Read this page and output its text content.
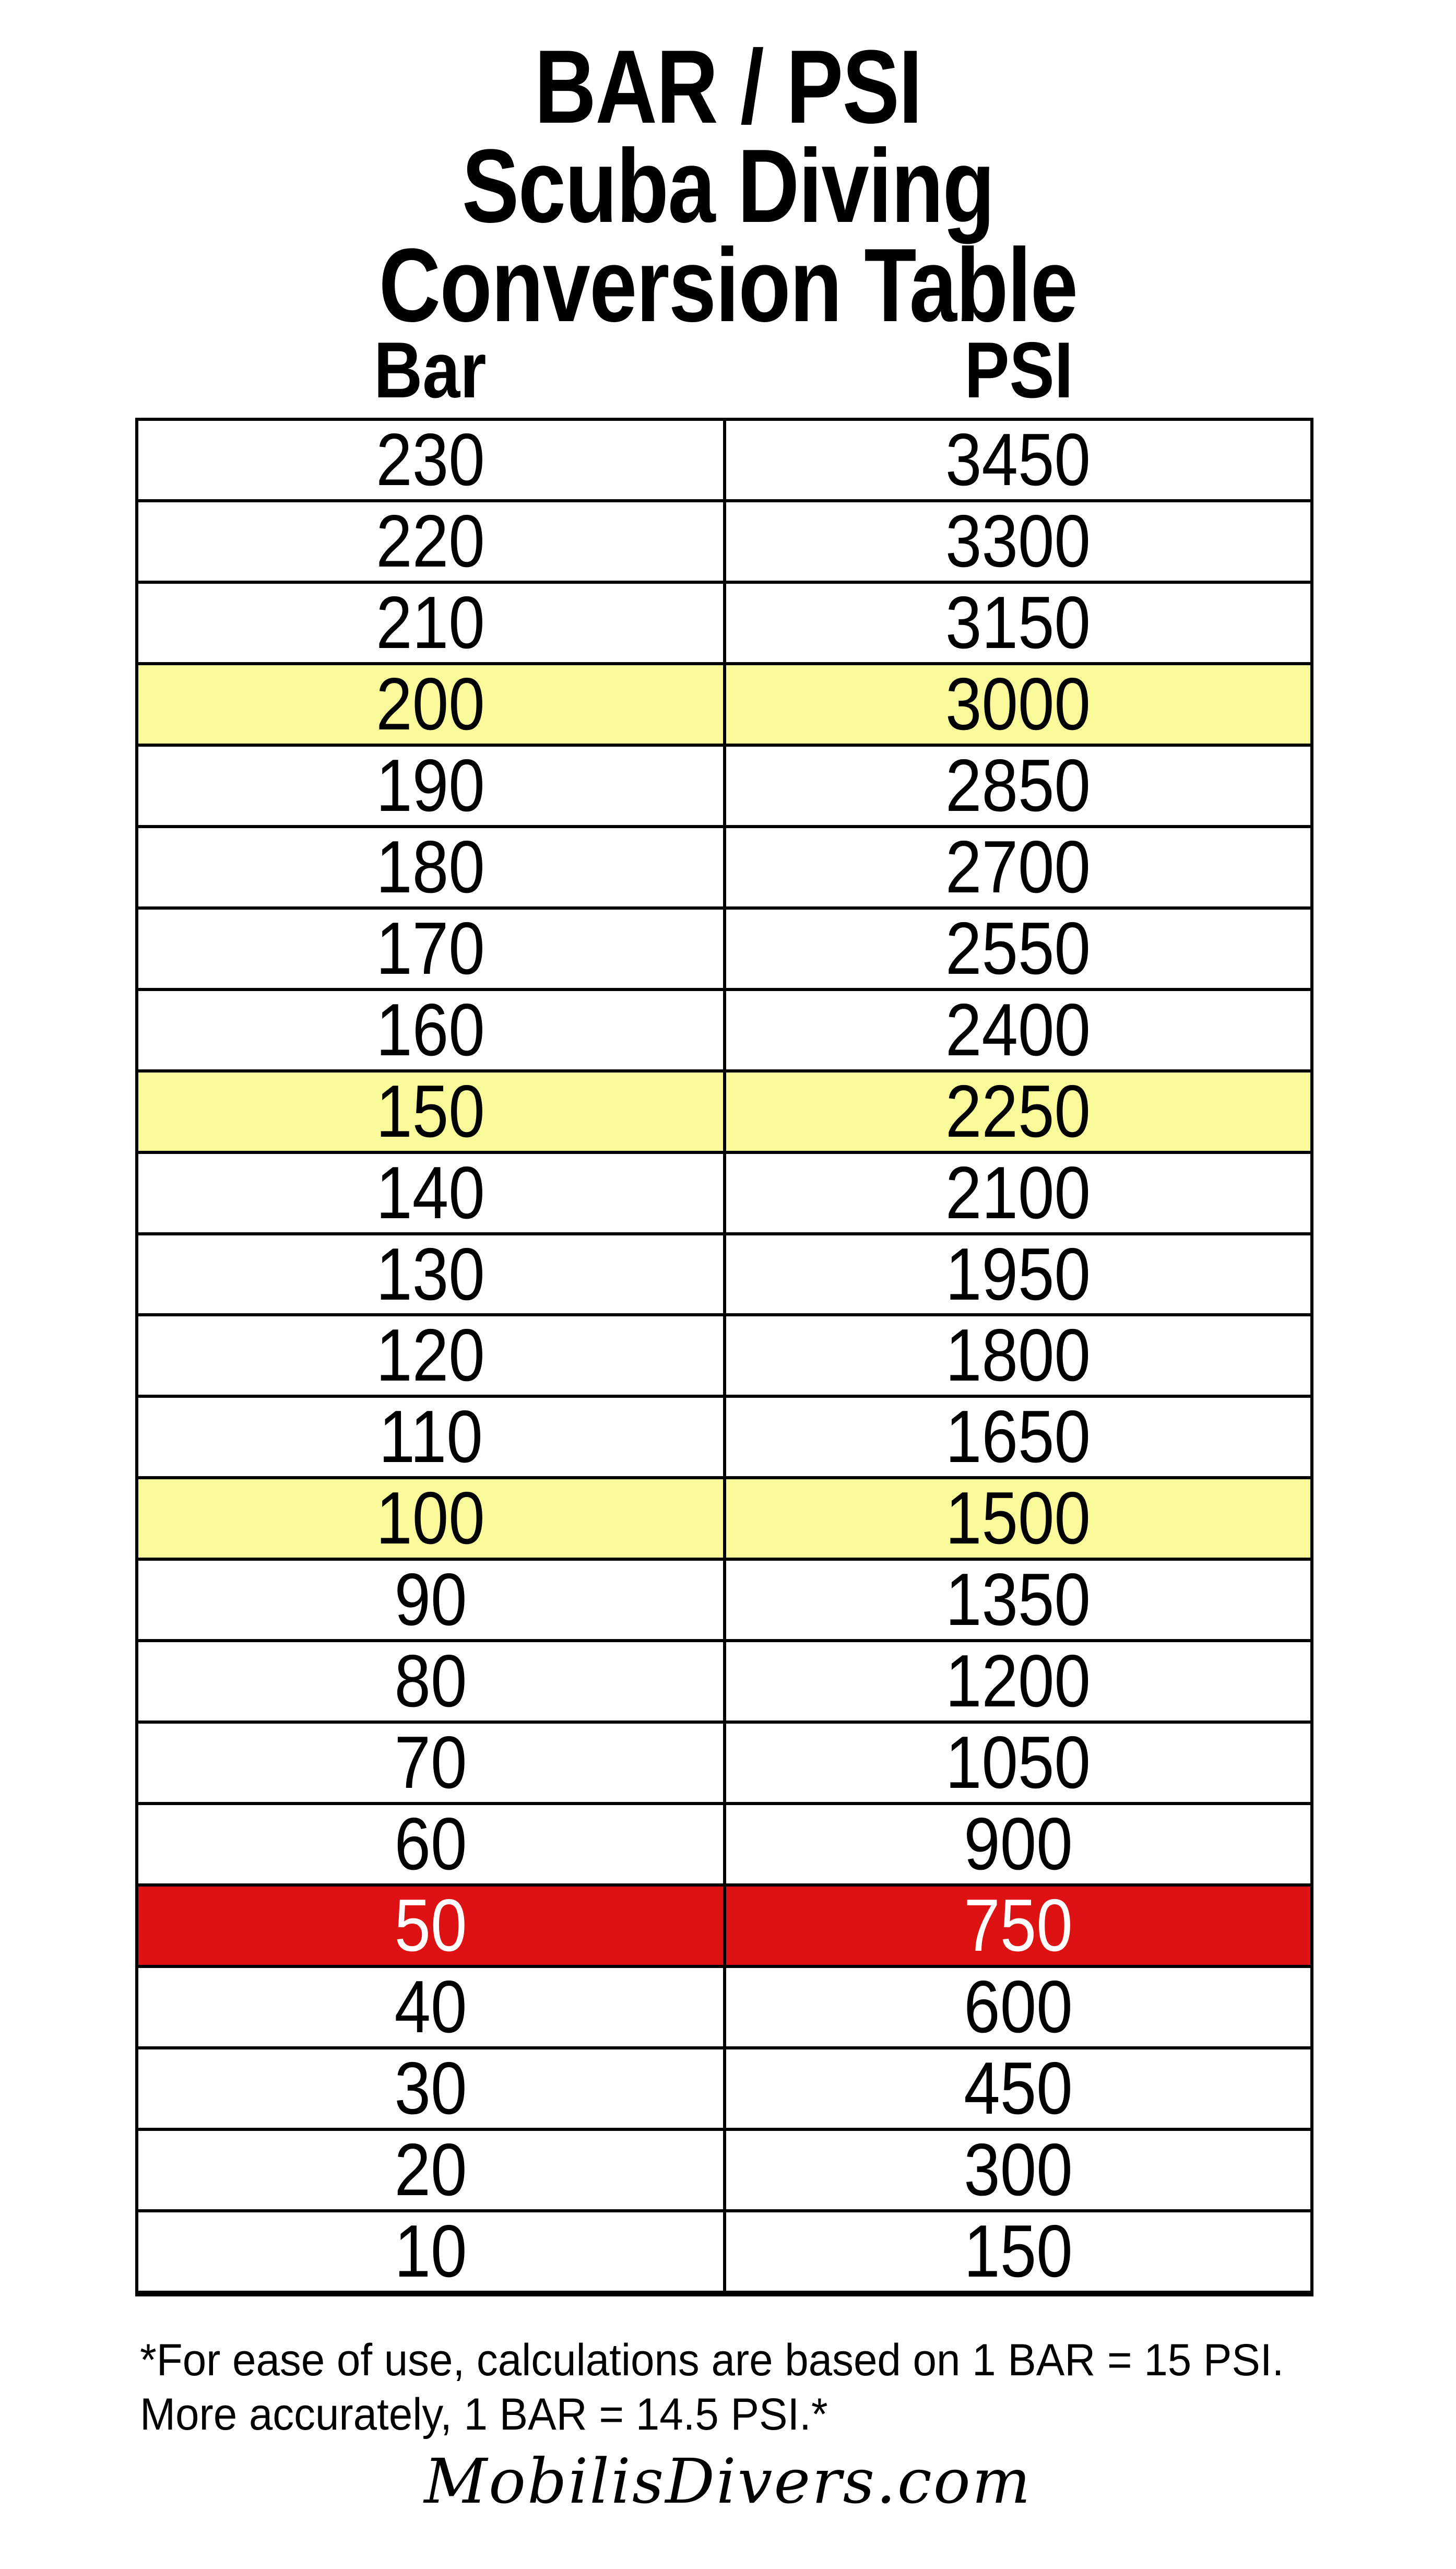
BAR / PSI
Scuba Diving
Conversion Table
Bar	PSI
230	3450
220	3300
210	3150
200	3000
190	2850
180	2700
170	2550
160	2400
150	2250
140	2100
130	1950
120	1800
110	1650
100	1500
90	1350
80	1200
70	1050
60	900
50	750
40	600
30	450
20	300
10	150
*For ease of use, calculations are based on 1 BAR = 15 PSI.
More accurately, 1 BAR = 14.5 PSI.*
MobilisDivers.com
